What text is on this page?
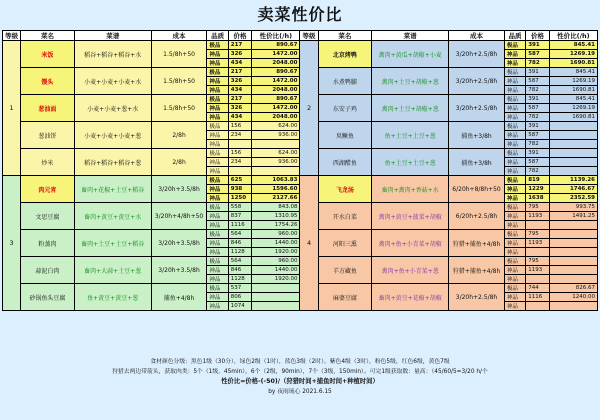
卖菜性价比
等级	菜名	菜谱	成本	品质	价格	性价比(/h)	等级	菜名	菜谱	成本	品质	价格	性价比(/h)
1	米饭	稻谷+稻谷+稻谷+水	1.5/8h+50	极品	217	890.67	2	北京烤鸭	禽肉+黄瓜+胡椒+小麦	3/20h+2.5/8h	极品	391	845.41
				神品	326	1472.00					神品	587	1269.19
				神品	434	2048.00					神品	782	1690.81
	馒头	小麦+小麦+小麦+水	1.5/8h+50	极品	217	890.67		水煮鸭脯	禽肉+土豆+胡椒+葱	3/20h+2.5/8h	极品	391	845.41
				神品	326	1472.00					神品	587	1269.19
				神品	434	2048.00					神品	782	1690.81
	葱油面	小麦+小麦+葱+水	1.5/8h+50	极品	217	890.67		东安子鸡	禽肉+土豆+胡椒+葱	3/20h+2.5/8h	极品	391	845.41
				神品	326	1472.00					神品	587	1269.19
				神品	434	2048.00					神品	782	1690.81
	葱油饼	小麦+小麦+小麦+葱	2/8h	极品	156	624.00		臭鳜鱼	鱼+土豆+土豆+葱	捕鱼+3/8h	极品	391	
				神品	234	936.00					神品	587	
				神品							神品	782	
	炒米	稻谷+稻谷+稻谷+葱	2/8h	极品	156	624.00		西湖醋鱼	鱼+土豆+土豆+葱	捕鱼+3/8h	极品	391	
				神品	234	936.00					神品	587	
				神品							神品	782	
3	肉元宵	畜肉+花椒+土豆+稻谷	3/20h+3.5/8h	极品	625	1063.83	4	飞龙汤	畜肉+禽肉+香菇+水	6/20h+8/8h+50	极品	819	1139.26
				神品	938	1596.60					神品	1229	1746.67
				神品	1250	2127.66					神品	1638	2352.59
	文思豆腐	畜肉+黄豆+黄豆+水	3/20h+4/8h+50	极品	558	843.08		开水白菜	禽肉+黄豆+菠菜+胡椒	6/20h+2.5/8h	极品	795	993.75
				神品	837	1310.95					神品	1193	1491.25
				神品	1116	1754.26					神品		
	粉蒸肉	畜肉+土豆+土豆+稻谷	3/20h+3.5/8h	极品	564	960.00		河阳三熏	禽肉+鱼+小青菜+胡椒	狩猎+捕鱼+4/8h	极品	795	
				神品	846	1440.00					神品	1193	
				神品	1128	1920.00					神品		
	蒜泥白肉	畜肉+大蒜+土豆+葱	3/20h+3.5/8h	极品	564	960.00		羊方藏鱼	禽肉+鱼+小青菜+葱	狩猎+捕鱼+4/8h	极品	795	
				神品	846	1440.00					神品	1193	
				神品	1128	1920.00					神品		
	砂锅鱼头豆腐	鱼+黄豆+黄豆+葱	捕鱼+4/8h	极品	537			麻婆豆腐	畜肉+黄豆+花椒+胡椒	3/20h+2.5/8h	极品	744	826.67
				神品	806						神品	1116	1240.00
				神品	1074						神品		
食材颜色分级：黑色1级（30分），绿色2级（1时），蓝色3级（2时），紫色4级（3时），粉色5级，红色6级，黄色7级
狩猎去两边带箭头，获取肉类：5个（1级，45min），6个（2级，90min），7个（3级，150min）。可完1级获取数：量高：（45/60/5=3/20 h/个
性价比=价格-(-50)/（狩猎时间+捕鱼时间+种植时间）
by 夜雨琉心 2021.6.15
